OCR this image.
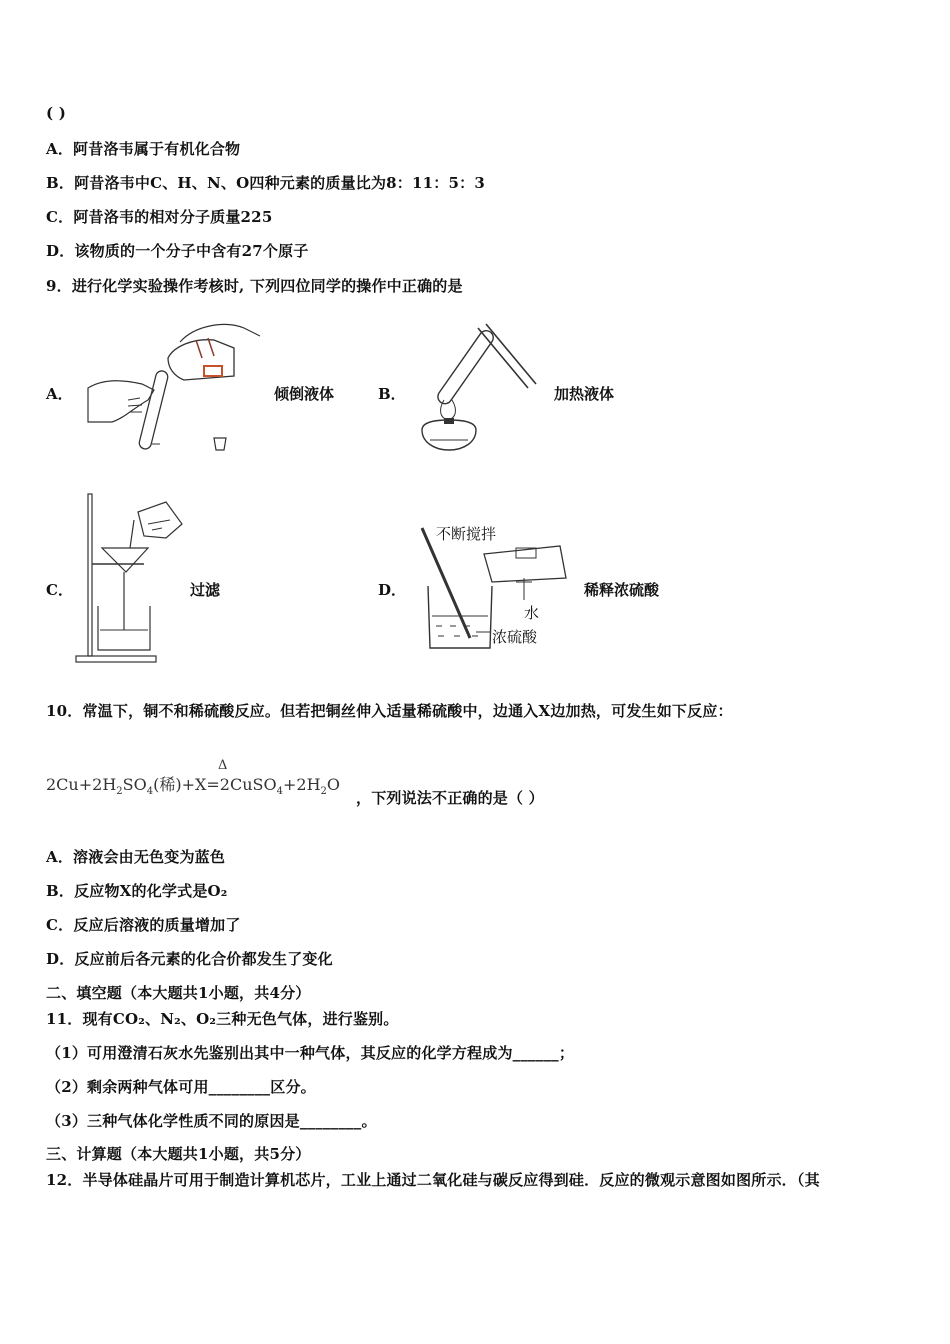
( )
A．阿昔洛韦属于有机化合物
B．阿昔洛韦中C、H、N、O四种元素的质量比为8：11：5：3
C．阿昔洛韦的相对分子质量225
D．该物质的一个分子中含有27个原子
9．进行化学实验操作考核时, 下列四位同学的操作中正确的是
A．	倾倒液体	B．	加热液体
C．	过滤	D．
不断搅拌
水
浓硫酸
稀释浓硫酸
10．常温下，铜不和稀硫酸反应。但若把铜丝伸入适量稀硫酸中，边通入X边加热，可发生如下反应：
Δ
$2Cu+2H_2SO_4$(稀)$+X=2CuSO_4+2H_2O$
，下列说法不正确的是（ ）
A．溶液会由无色变为蓝色
B．反应物X的化学式是O₂
C．反应后溶液的质量增加了
D．反应前后各元素的化合价都发生了变化
二、填空题（本大题共1小题，共4分）
11．现有CO₂、N₂、O₂三种无色气体，进行鉴别。
（1）可用澄清石灰水先鉴别出其中一种气体，其反应的化学方程成为______；
（2）剩余两种气体可用________区分。
（3）三种气体化学性质不同的原因是________。
三、计算题（本大题共1小题，共5分）
12．半导体硅晶片可用于制造计算机芯片，工业上通过二氧化硅与碳反应得到硅．反应的微观示意图如图所示．（其
